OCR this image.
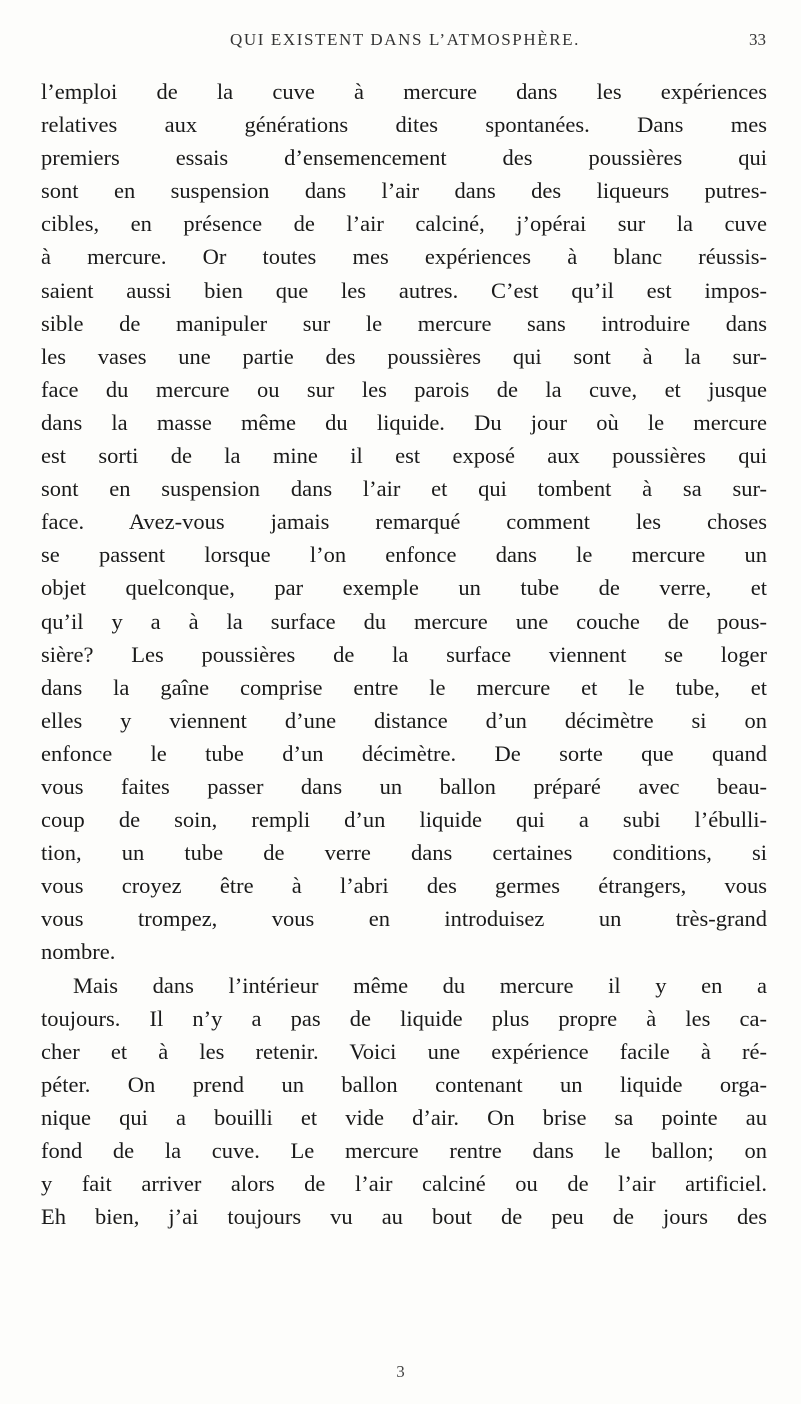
QUI EXISTENT DANS L’ATMOSPHÈRE.	33
l’emploi de la cuve à mercure dans les expériences
relatives aux générations dites spontanées. Dans mes
premiers essais d’ensemencement des poussières qui
sont en suspension dans l’air dans des liqueurs putres-
cibles, en présence de l’air calciné, j’opérai sur la cuve
à mercure. Or toutes mes expériences à blanc réussis-
saient aussi bien que les autres. C’est qu’il est impos-
sible de manipuler sur le mercure sans introduire dans
les vases une partie des poussières qui sont à la sur-
face du mercure ou sur les parois de la cuve, et jusque
dans la masse même du liquide. Du jour où le mercure
est sorti de la mine il est exposé aux poussières qui
sont en suspension dans l’air et qui tombent à sa sur-
face. Avez-vous jamais remarqué comment les choses
se passent lorsque l’on enfonce dans le mercure un
objet quelconque, par exemple un tube de verre, et
qu’il y a à la surface du mercure une couche de pous-
sière? Les poussières de la surface viennent se loger
dans la gaîne comprise entre le mercure et le tube, et
elles y viennent d’une distance d’un décimètre si on
enfonce le tube d’un décimètre. De sorte que quand
vous faites passer dans un ballon préparé avec beau-
coup de soin, rempli d’un liquide qui a subi l’ébulli-
tion, un tube de verre dans certaines conditions, si
vous croyez être à l’abri des germes étrangers, vous
vous trompez, vous en introduisez un très-grand
nombre.
Mais dans l’intérieur même du mercure il y en a
toujours. Il n’y a pas de liquide plus propre à les ca-
cher et à les retenir. Voici une expérience facile à ré-
péter. On prend un ballon contenant un liquide orga-
nique qui a bouilli et vide d’air. On brise sa pointe au
fond de la cuve. Le mercure rentre dans le ballon; on
y fait arriver alors de l’air calciné ou de l’air artificiel.
Eh bien, j’ai toujours vu au bout de peu de jours des
3
